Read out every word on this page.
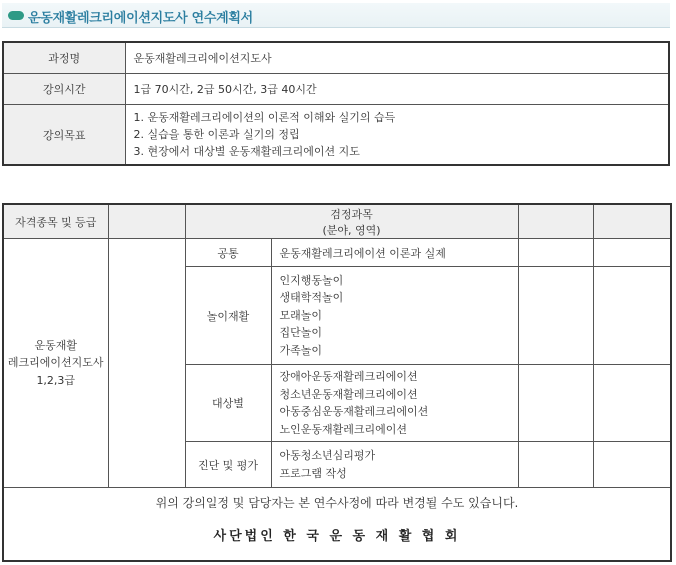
운동재활레크리에이션지도사 연수계획서
과정명	운동재활레크리에이션지도사
강의시간	1급 70시간, 2급 50시간, 3급 40시간
강의목표	1. 운동재활레크리에이션의 이론적 이해와 실기의 습득
2. 실습을 통한 이론과 실기의 정립
3. 현장에서 대상별 운동재활레크리에이션 지도
자격종목 및 등급		검정과목
(분야, 영역)			

운동재활
레크리에이션지도사
1,2,3급		공통	운동재활레크리에이션 이론과 실제		
		놀이재활	인지행동놀이
생태학적놀이
모래놀이
집단놀이
가족놀이		

		대상별	장애아운동재활레크리에이션
청소년운동재활레크리에이션
아동중심운동재활레크리에이션
노인운동재활레크리에이션		

		진단 및 평가	아동청소년심리평가
프로그램 작성		

위의 강의일정 및 담당자는 본 연수사정에 따라 변경될 수도 있습니다.
사단법인 한 국 운 동 재 활 협 회					
